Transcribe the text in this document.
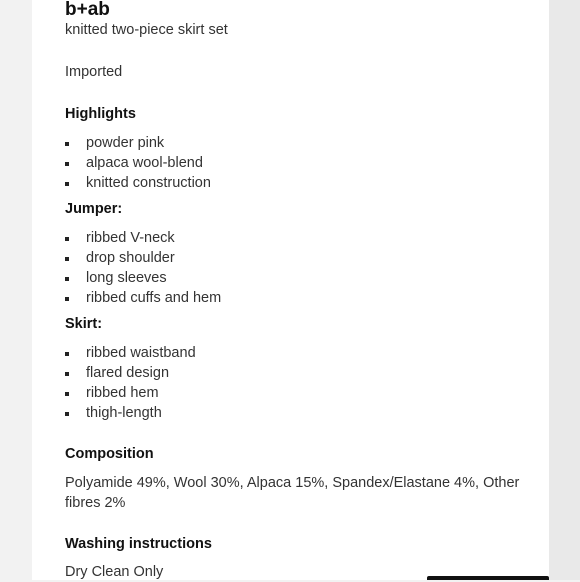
b+ab
knitted two-piece skirt set
Imported
Highlights
powder pink
alpaca wool-blend
knitted construction
Jumper:
ribbed V-neck
drop shoulder
long sleeves
ribbed cuffs and hem
Skirt:
ribbed waistband
flared design
ribbed hem
thigh-length
Composition
Polyamide 49%, Wool 30%, Alpaca 15%, Spandex/Elastane 4%, Other fibres 2%
Washing instructions
Dry Clean Only
